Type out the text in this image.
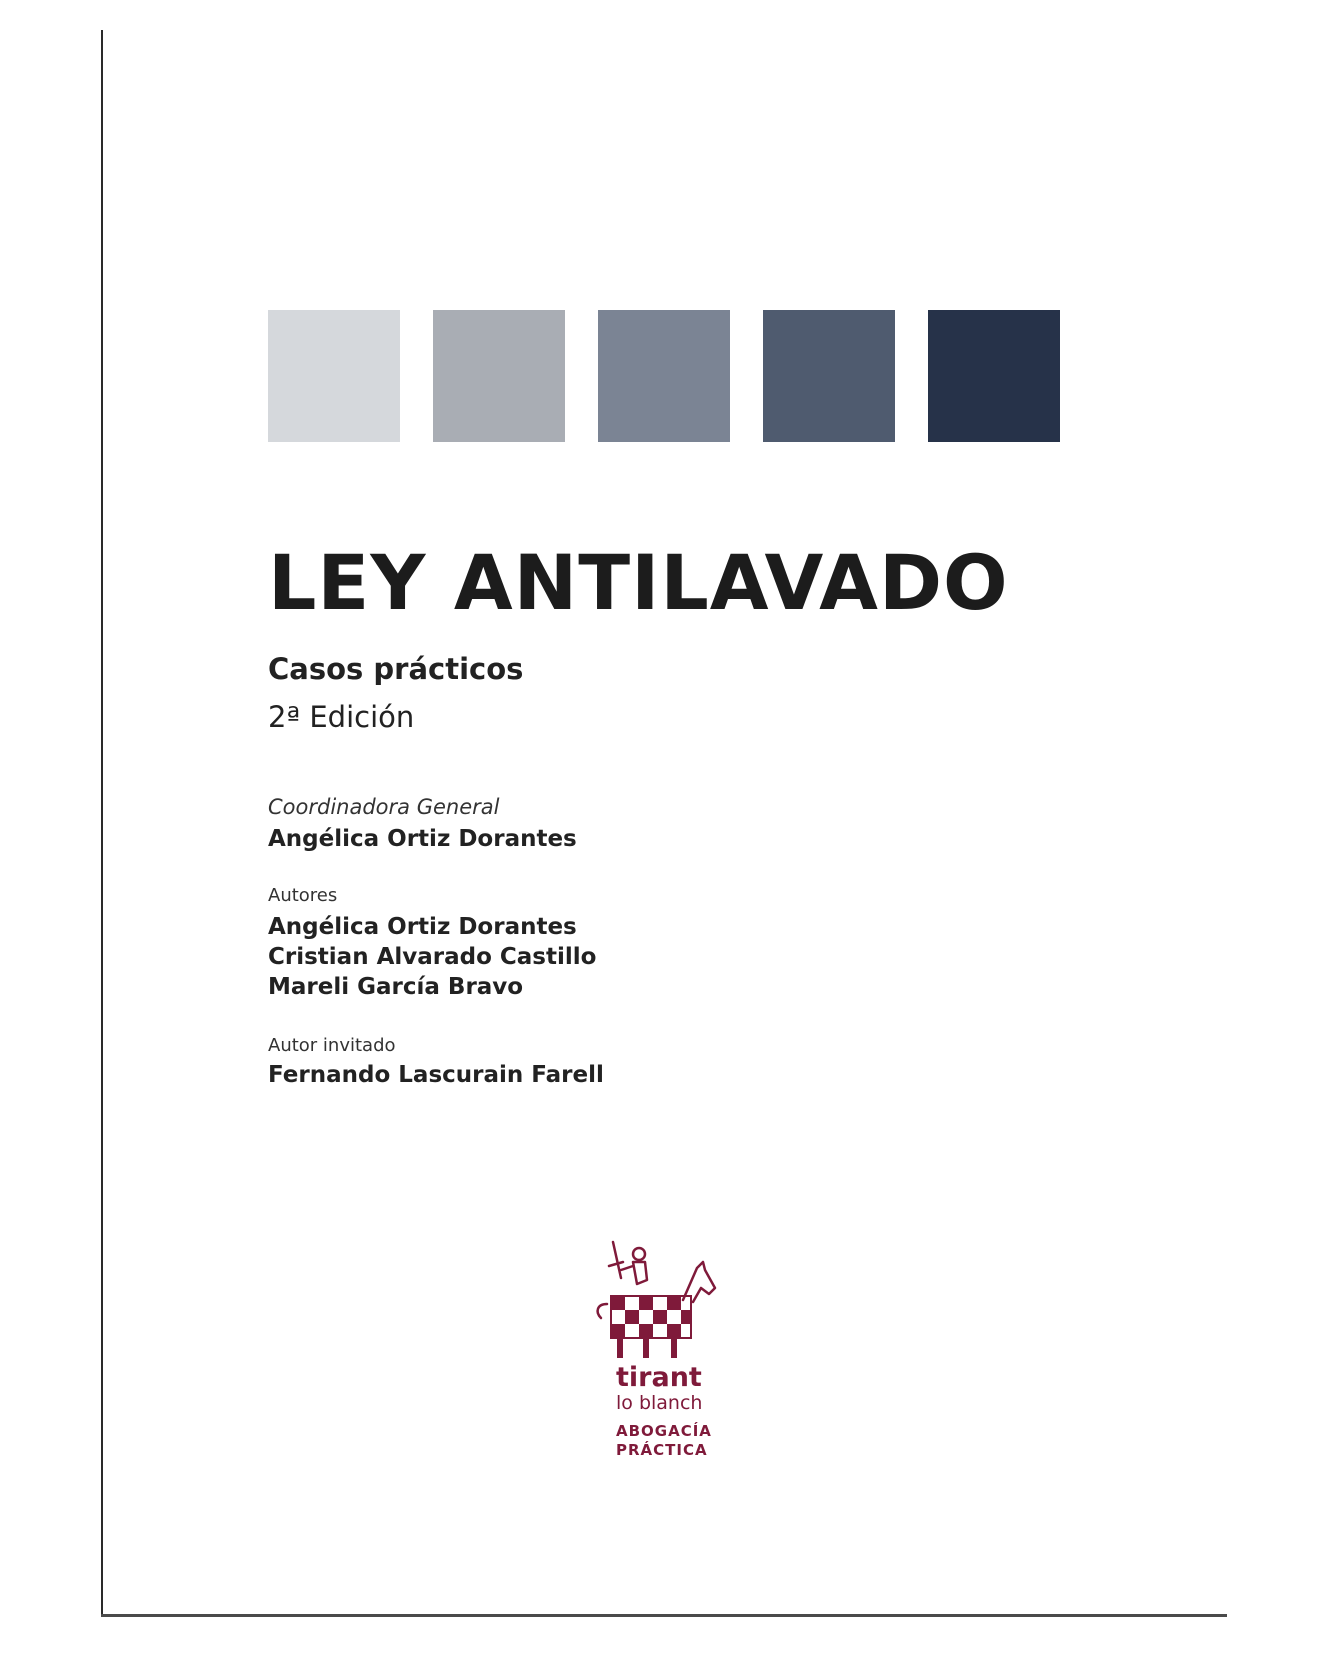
LEY ANTILAVADO
Casos prácticos
2ª Edición
Coordinadora General
Angélica Ortiz Dorantes
Autores
Angélica Ortiz Dorantes
Cristian Alvarado Castillo
Mareli García Bravo
Autor invitado
Fernando Lascurain Farell
tirant
lo blanch
ABOGACÍA
PRÁCTICA
